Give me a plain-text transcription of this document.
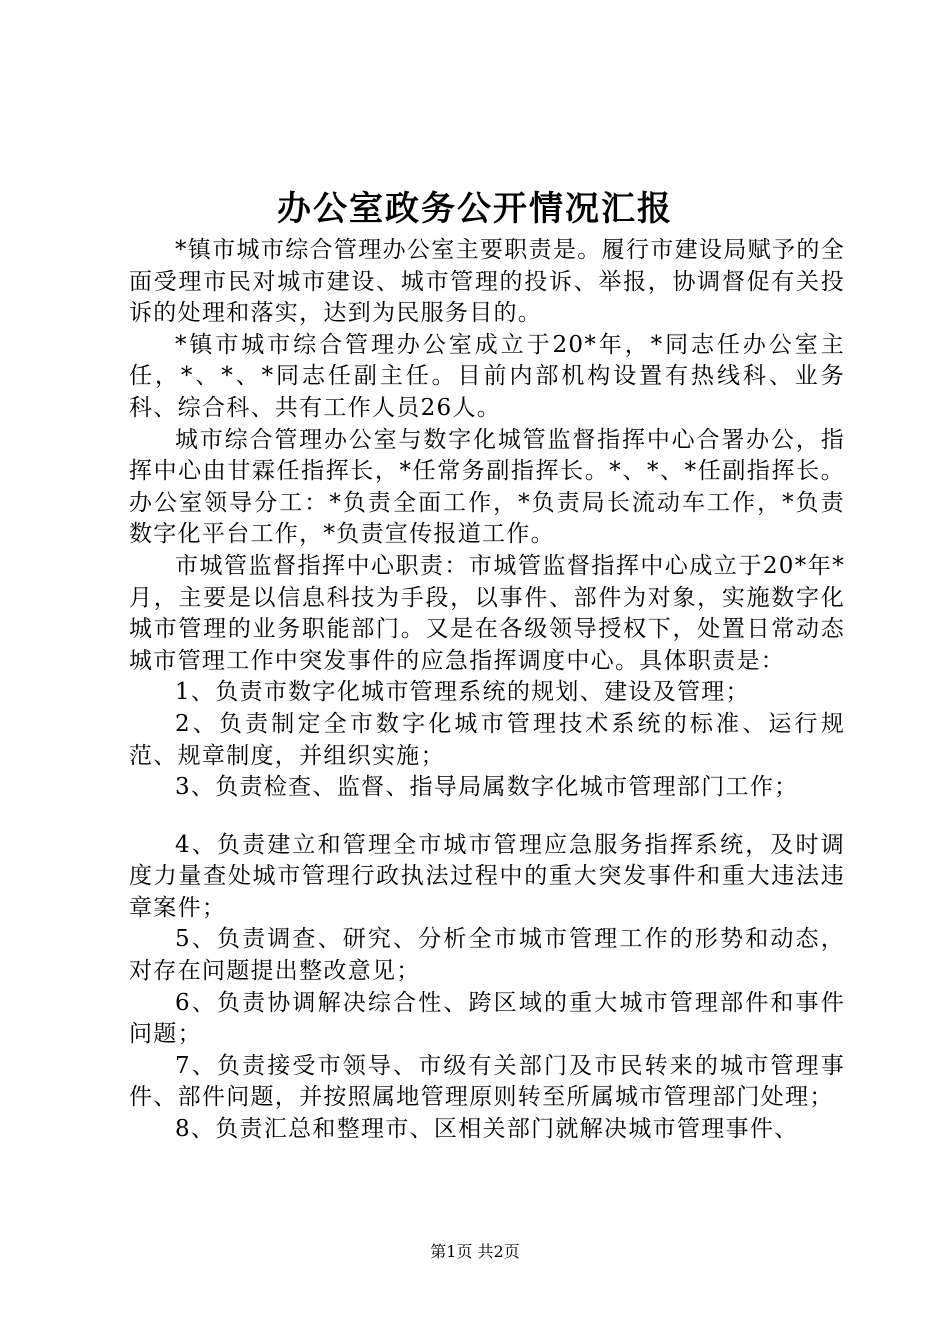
办公室政务公开情况汇报

*镇市城市综合管理办公室主要职责是。履行市建设局赋予的全面受理市民对城市建设、城市管理的投诉、举报，协调督促有关投诉的处理和落实，达到为民服务目的。

*镇市城市综合管理办公室成立于20*年，*同志任办公室主任，*、*、*同志任副主任。目前内部机构设置有热线科、业务科、综合科、共有工作人员26人。

城市综合管理办公室与数字化城管监督指挥中心合署办公，指挥中心由甘霖任指挥长，*任常务副指挥长。*、*、*任副指挥长。办公室领导分工：*负责全面工作，*负责局长流动车工作，*负责数字化平台工作，*负责宣传报道工作。

市城管监督指挥中心职责：市城管监督指挥中心成立于20*年*月，主要是以信息科技为手段，以事件、部件为对象，实施数字化城市管理的业务职能部门。又是在各级领导授权下，处置日常动态城市管理工作中突发事件的应急指挥调度中心。具体职责是：

1、负责市数字化城市管理系统的规划、建设及管理；

2、负责制定全市数字化城市管理技术系统的标准、运行规范、规章制度，并组织实施；

3、负责检查、监督、指导局属数字化城市管理部门工作；

4、负责建立和管理全市城市管理应急服务指挥系统，及时调度力量查处城市管理行政执法过程中的重大突发事件和重大违法违章案件；

5、负责调查、研究、分析全市城市管理工作的形势和动态，对存在问题提出整改意见；

6、负责协调解决综合性、跨区域的重大城市管理部件和事件问题；

7、负责接受市领导、市级有关部门及市民转来的城市管理事件、部件问题，并按照属地管理原则转至所属城市管理部门处理；

8、负责汇总和整理市、区相关部门就解决城市管理事件、

第1页 共2页
